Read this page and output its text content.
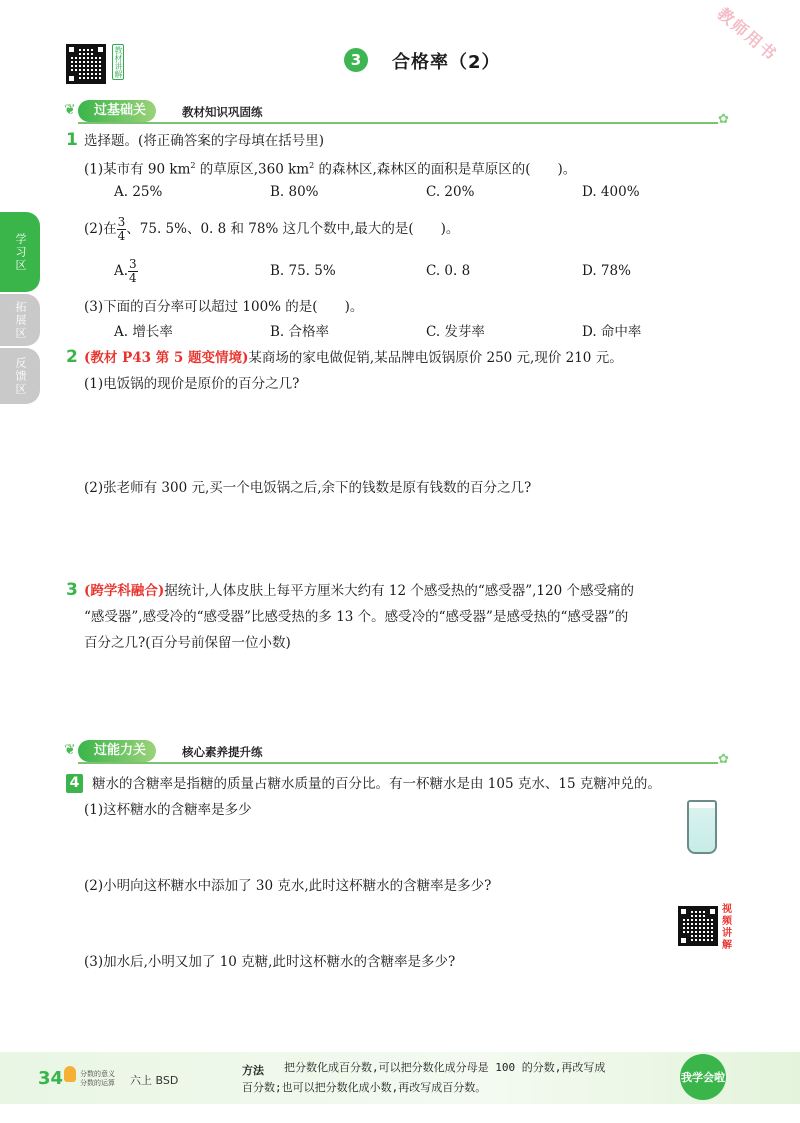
教材讲解	3	合格率（2）	教师用书
学习区
拓展区
反馈区
❦	过基础关	教材知识巩固练	✿
1 选择题。(将正确答案的字母填在括号里)
(1)某市有 90 $km^2$ 的草原区,360 $km^2$ 的森林区,森林区的面积是草原区的(　　)。
A. 25%	B. 80%	C. 20%	D. 400%
(2)在 $\frac{3}{4}$ 、75. 5%、0. 8 和 78% 这几个数中,最大的是(　　)。
A. $\frac{3}{4}$	B. 75. 5%	C. 0. 8	D. 78%
(3)下面的百分率可以超过 100% 的是(　　)。
A. 增长率	B. 合格率	C. 发芽率	D. 命中率
2 (教材 P43 第 5 题变情境)某商场的家电做促销,某品牌电饭锅原价 250 元,现价 210 元。
(1)电饭锅的现价是原价的百分之几?
(2)张老师有 300 元,买一个电饭锅之后,余下的钱数是原有钱数的百分之几?
3 (跨学科融合)据统计,人体皮肤上每平方厘米大约有 12 个感受热的“感受器”,120 个感受痛的
“感受器”,感受冷的“感受器”比感受热的多 13 个。感受冷的“感受器”是感受热的“感受器”的
百分之几?(百分号前保留一位小数)
❦	过能力关	核心素养提升练	✿
4 糖水的含糖率是指糖的质量占糖水质量的百分比。有一杯糖水是由 105 克水、15 克糖冲兑的。
(1)这杯糖水的含糖率是多少
(2)小明向这杯糖水中添加了 30 克水,此时这杯糖水的含糖率是多少?
视频讲解
(3)加水后,小明又加了 10 克糖,此时这杯糖水的含糖率是多少?
34 分数的意义
分数的运算 六上 BSD
方法 把分数化成百分数,可以把分数化成分母是 100 的分数,再改写成
百分数;也可以把分数化成小数,再改写成百分数。
我学会啦
